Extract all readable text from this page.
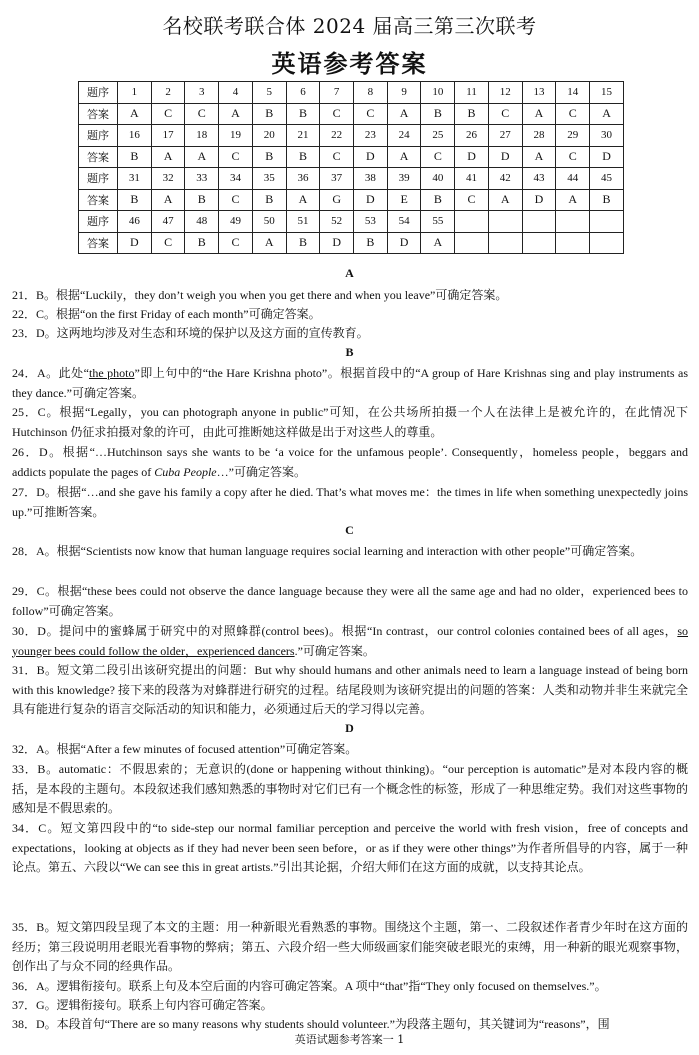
名校联考联合体 2024 届高三第三次联考
英语参考答案
题序	1	2	3	4	5	6	7	8	9	10	11	12	13	14	15
答案	A	C	C	A	B	B	C	C	A	B	B	C	A	C	A
题序	16	17	18	19	20	21	22	23	24	25	26	27	28	29	30
答案	B	A	A	C	B	B	C	D	A	C	D	D	A	C	D
题序	31	32	33	34	35	36	37	38	39	40	41	42	43	44	45
答案	B	A	B	C	B	A	G	D	E	B	C	A	D	A	B
题序	46	47	48	49	50	51	52	53	54	55					
答案	D	C	B	C	A	B	D	B	D	A					
A
21．B。根据“Luckily，they don’t weigh you when you get there and when you leave”可确定答案。
22．C。根据“on the first Friday of each month”可确定答案。
23．D。这两地均涉及对生态和环境的保护以及这方面的宣传教育。
B
24．A。此处“the photo”即上句中的“the Hare Krishna photo”。根据首段中的“A group of Hare Krishnas sing and play instruments as they dance.”可确定答案。
25．C。根据“Legally，you can photograph anyone in public”可知，在公共场所拍摄一个人在法律上是被允许的，在此情况下 Hutchinson 仍征求拍摄对象的许可，由此可推断她这样做是出于对这些人的尊重。
26．D。根据“…Hutchinson says she wants to be ‘a voice for the unfamous people’. Consequently，homeless people，beggars and addicts populate the pages of Cuba People…”可确定答案。
27．D。根据“…and she gave his family a copy after he died. That’s what moves me：the times in life when something unexpectedly joins up.”可推断答案。
C
28．A。根据“Scientists now know that human language requires social learning and interaction with other people”可确定答案。
29．C。根据“these bees could not observe the dance language because they were all the same age and had no older，experienced bees to follow”可确定答案。
30．D。提问中的蜜蜂属于研究中的对照蜂群(control bees)。根据“In contrast，our control colonies contained bees of all ages，so younger bees could follow the older，experienced dancers.”可确定答案。
31．B。短文第二段引出该研究提出的问题：But why should humans and other animals need to learn a language instead of being born with this knowledge? 接下来的段落为对蜂群进行研究的过程。结尾段则为该研究提出的问题的答案：人类和动物并非生来就完全具有能进行复杂的语言交际活动的知识和能力，必须通过后天的学习得以完善。
D
32．A。根据“After a few minutes of focused attention”可确定答案。
33．B。automatic：不假思索的；无意识的(done or happening without thinking)。“our perception is automatic”是对本段内容的概括，是本段的主题句。本段叙述我们感知熟悉的事物时对它们已有一个概念性的标签，形成了一种思维定势。我们对这些事物的感知是不假思索的。
34．C。短文第四段中的“to side-step our normal familiar perception and perceive the world with fresh vision，free of concepts and expectations，looking at objects as if they had never been seen before，or as if they were other things”为作者所倡导的内容，属于一种论点。第五、六段以“We can see this in great artists.”引出其论据，介绍大师们在这方面的成就，以支持其论点。
35．B。短文第四段呈现了本文的主题：用一种新眼光看熟悉的事物。围绕这个主题，第一、二段叙述作者青少年时在这方面的经历；第三段说明用老眼光看事物的弊病；第五、六段介绍一些大师级画家们能突破老眼光的束缚，用一种新的眼光观察事物，创作出了与众不同的经典作品。
36．A。逻辑衔接句。联系上句及本空后面的内容可确定答案。A 项中“that”指“They only focused on themselves.”。
37．G。逻辑衔接句。联系上句内容可确定答案。
38．D。本段首句“There are so many reasons why students should volunteer.”为段落主题句，其关键词为“reasons”，围
英语试题参考答案一 1
